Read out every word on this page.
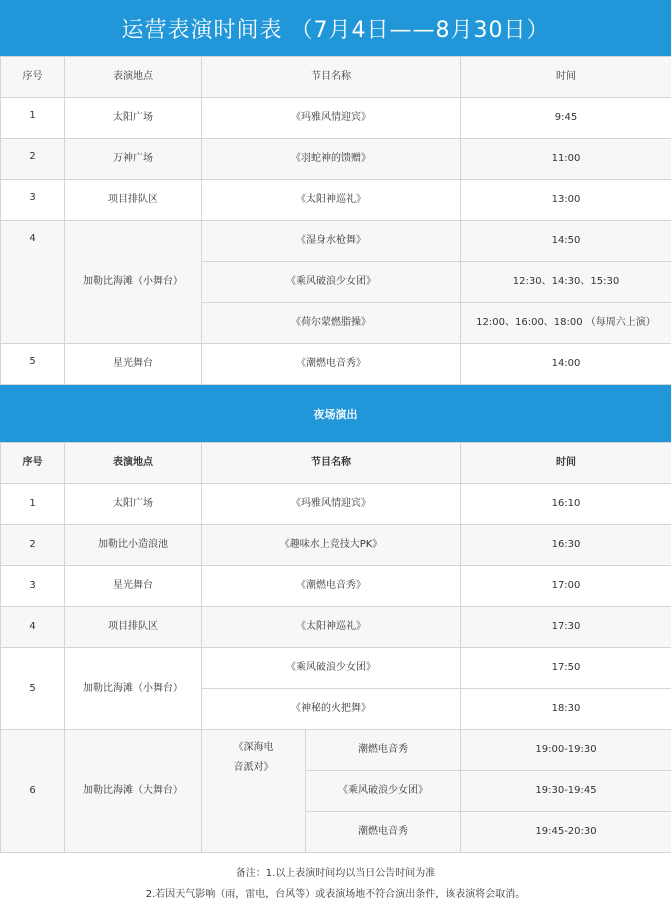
运营表演时间表 （7月4日——8月30日）
序号	表演地点	节目名称	时间
1	太阳广场	《玛雅风情迎宾》	9:45
2	万神广场	《羽蛇神的馈赠》	11:00
3	项目排队区	《太阳神巡礼》	13:00
4	加勒比海滩（小舞台）	《湿身水枪舞》	14:50
		《乘风破浪少女团》	12:30、14:30、15:30
		《荷尔蒙燃脂操》	12:00、16:00、18:00 （每周六上演）
5	星光舞台	《潮燃电音秀》	14:00
夜场演出
序号	表演地点	节目名称		时间
1	太阳广场	《玛雅风情迎宾》		16:10
2	加勒比小造浪池	《趣味水上竞技大PK》		16:30
3	星光舞台	《潮燃电音秀》		17:00
4	项目排队区	《太阳神巡礼》		17:30
5	加勒比海滩（小舞台）	《乘风破浪少女团》		17:50
		《神秘的火把舞》		18:30
6	加勒比海滩（大舞台）	《深海电
音派对》	潮燃电音秀	19:00-19:30
			《乘风破浪少女团》	19:30-19:45
			潮燃电音秀	19:45-20:30
备注：1.以上表演时间均以当日公告时间为准
2.若因天气影响（雨，雷电，台风等）或表演场地不符合演出条件，该表演将会取消。
